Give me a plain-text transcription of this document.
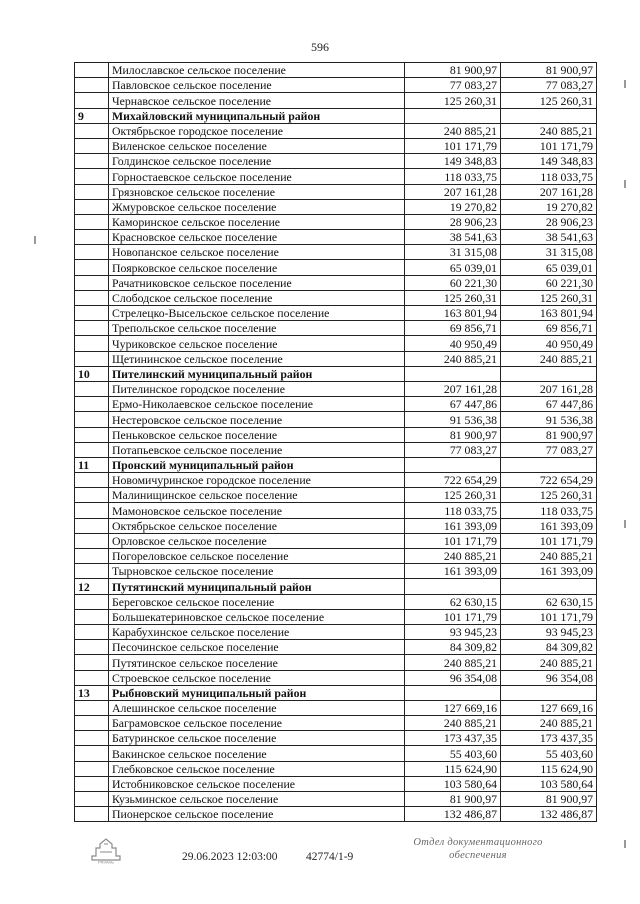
596
	Милославское сельское поселение	81 900,97	81 900,97
	Павловское сельское поселение	77 083,27	77 083,27
	Чернавское сельское поселение	125 260,31	125 260,31
9	Михайловский муниципальный район		
	Октябрьское городское поселение	240 885,21	240 885,21
	Виленское сельское поселение	101 171,79	101 171,79
	Голдинское сельское поселение	149 348,83	149 348,83
	Горностаевское сельское поселение	118 033,75	118 033,75
	Грязновское сельское поселение	207 161,28	207 161,28
	Жмуровское сельское поселение	19 270,82	19 270,82
	Каморинское сельское поселение	28 906,23	28 906,23
	Красновское сельское поселение	38 541,63	38 541,63
	Новопанское сельское поселение	31 315,08	31 315,08
	Поярковское сельское поселение	65 039,01	65 039,01
	Рачатниковское сельское поселение	60 221,30	60 221,30
	Слободское сельское поселение	125 260,31	125 260,31
	Стрелецко-Высельское сельское поселение	163 801,94	163 801,94
	Трепольское сельское поселение	69 856,71	69 856,71
	Чуриковское сельское поселение	40 950,49	40 950,49
	Щетининское сельское поселение	240 885,21	240 885,21
10	Пителинский муниципальный район		
	Пителинское городское поселение	207 161,28	207 161,28
	Ермо-Николаевское сельское поселение	67 447,86	67 447,86
	Нестеровское сельское поселение	91 536,38	91 536,38
	Пеньковское сельское поселение	81 900,97	81 900,97
	Потапьевское сельское поселение	77 083,27	77 083,27
11	Пронский муниципальный район		
	Новомичуринское городское поселение	722 654,29	722 654,29
	Малинищинское сельское поселение	125 260,31	125 260,31
	Мамоновское сельское поселение	118 033,75	118 033,75
	Октябрьское сельское поселение	161 393,09	161 393,09
	Орловское сельское поселение	101 171,79	101 171,79
	Погореловское сельское поселение	240 885,21	240 885,21
	Тырновское сельское поселение	161 393,09	161 393,09
12	Путятинский муниципальный район		
	Береговское сельское поселение	62 630,15	62 630,15
	Большекатериновское сельское поселение	101 171,79	101 171,79
	Карабухинское сельское поселение	93 945,23	93 945,23
	Песочинское сельское поселение	84 309,82	84 309,82
	Путятинское сельское поселение	240 885,21	240 885,21
	Строевское сельское поселение	96 354,08	96 354,08
13	Рыбновский муниципальный район		
	Алешинское сельское поселение	127 669,16	127 669,16
	Баграмовское сельское поселение	240 885,21	240 885,21
	Батуринское сельское поселение	173 437,35	173 437,35
	Вакинское сельское поселение	55 403,60	55 403,60
	Глебковское сельское поселение	115 624,90	115 624,90
	Истобниковское сельское поселение	103 580,64	103 580,64
	Кузьминское сельское поселение	81 900,97	81 900,97
	Пионерское сельское поселение	132 486,87	132 486,87
РЯЗАНЬ	29.06.2023 12:03:00 42774/1-9
Отдел документационного
обеспечения
